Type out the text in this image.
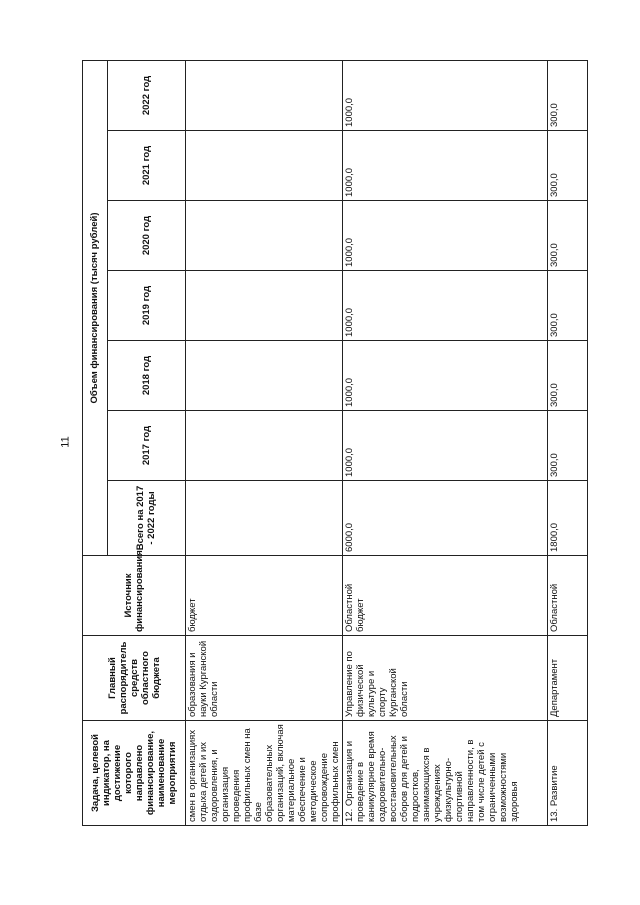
11
Задача, целевой индикатор, на достижение которого направлено финансирование, наименование мероприятия	Главный распорядитель средств областного бюджета	Источник финансирования	Объем финансирования (тысяч рублей)						
			Всего на 2017 - 2022 годы	2017 год	2018 год	2019 год	2020 год	2021 год	2022 год
смен в организациях отдыха детей и их оздоровления, и организация проведения профильных смен на базе образовательных организаций, включая материальное обеспечение и методическое сопровождение профильных смен	образования и науки Курганской области	бюджет							
12. Организация и проведение в каникулярное время оздоровительно-восстановительных сборов для детей и подростков, занимающихся в учреждениях физкультурно-спортивной направленности, в том числе детей с ограниченными возможностями здоровья	Управление по физической культуре и спорту Курганской области	Областной бюджет	6000,0	1000,0	1000,0	1000,0	1000,0	1000,0	1000,0
13. Развитие	Департамент	Областной	1800,0	300,0	300,0	300,0	300,0	300,0	300,0
